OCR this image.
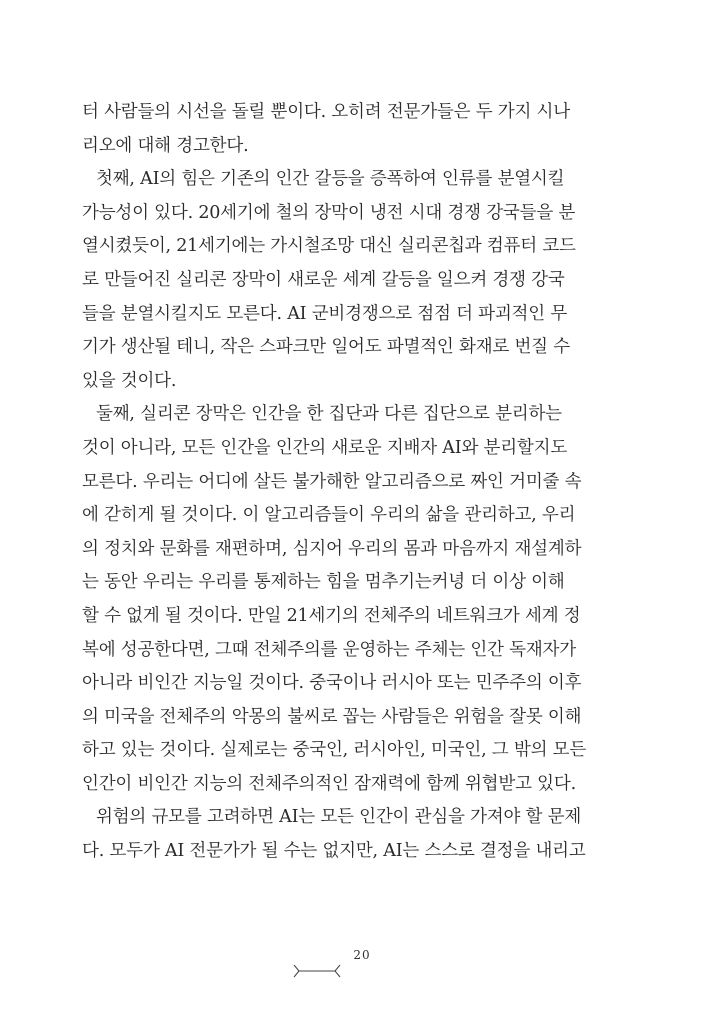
터 사람들의 시선을 돌릴 뿐이다. 오히려 전문가들은 두 가지 시나
리오에 대해 경고한다.
첫째, AI의 힘은 기존의 인간 갈등을 증폭하여 인류를 분열시킬
가능성이 있다. 20세기에 철의 장막이 냉전 시대 경쟁 강국들을 분
열시켰듯이, 21세기에는 가시철조망 대신 실리콘칩과 컴퓨터 코드
로 만들어진 실리콘 장막이 새로운 세계 갈등을 일으켜 경쟁 강국
들을 분열시킬지도 모른다. AI 군비경쟁으로 점점 더 파괴적인 무
기가 생산될 테니, 작은 스파크만 일어도 파멸적인 화재로 번질 수
있을 것이다.
둘째, 실리콘 장막은 인간을 한 집단과 다른 집단으로 분리하는
것이 아니라, 모든 인간을 인간의 새로운 지배자 AI와 분리할지도
모른다. 우리는 어디에 살든 불가해한 알고리즘으로 짜인 거미줄 속
에 갇히게 될 것이다. 이 알고리즘들이 우리의 삶을 관리하고, 우리
의 정치와 문화를 재편하며, 심지어 우리의 몸과 마음까지 재설계하
는 동안 우리는 우리를 통제하는 힘을 멈추기는커녕 더 이상 이해
할 수 없게 될 것이다. 만일 21세기의 전체주의 네트워크가 세계 정
복에 성공한다면, 그때 전체주의를 운영하는 주체는 인간 독재자가
아니라 비인간 지능일 것이다. 중국이나 러시아 또는 민주주의 이후
의 미국을 전체주의 악몽의 불씨로 꼽는 사람들은 위험을 잘못 이해
하고 있는 것이다. 실제로는 중국인, 러시아인, 미국인, 그 밖의 모든
인간이 비인간 지능의 전체주의적인 잠재력에 함께 위협받고 있다.
위험의 규모를 고려하면 AI는 모든 인간이 관심을 가져야 할 문제
다. 모두가 AI 전문가가 될 수는 없지만, AI는 스스로 결정을 내리고
20
